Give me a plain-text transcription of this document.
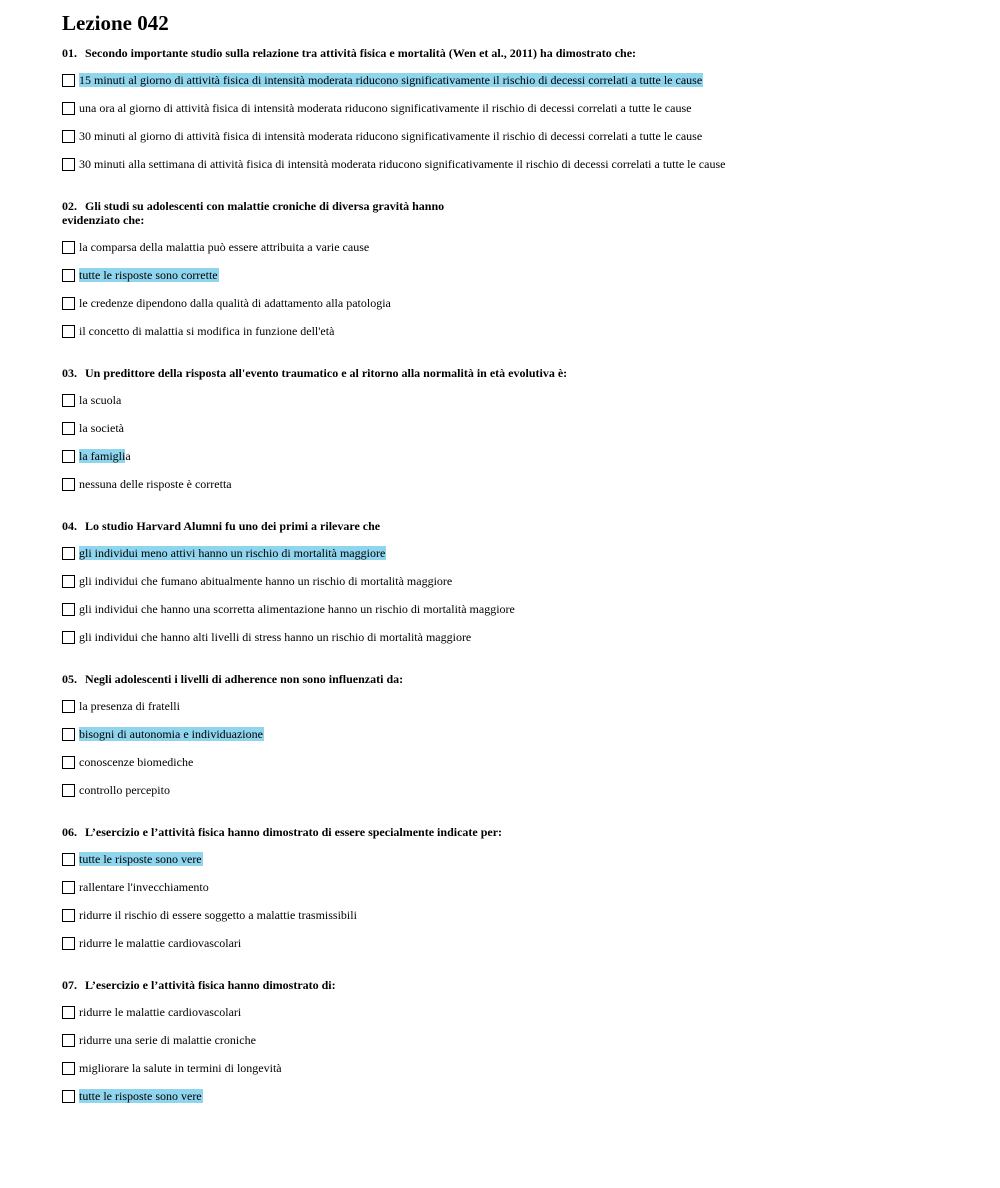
Lezione 042

01. Secondo importante studio sulla relazione tra attività fisica e mortalità (Wen et al., 2011) ha dimostrato che:

15 minuti al giorno di attività fisica di intensità moderata riducono significativamente il rischio di decessi correlati a tutte le cause
una ora al giorno di attività fisica di intensità moderata riducono significativamente il rischio di decessi correlati a tutte le cause
30 minuti al giorno di attività fisica di intensità moderata riducono significativamente il rischio di decessi correlati a tutte le cause
30 minuti alla settimana di attività fisica di intensità moderata riducono significativamente il rischio di decessi correlati a tutte le cause

02. Gli studi su adolescenti con malattie croniche di diversa gravità hanno
evidenziato che:

la comparsa della malattia può essere attribuita a varie cause
tutte le risposte sono corrette
le credenze dipendono dalla qualità di adattamento alla patologia
il concetto di malattia si modifica in funzione dell'età

03. Un predittore della risposta all'evento traumatico e al ritorno alla normalità in età evolutiva è:

la scuola
la società
la famiglia
nessuna delle risposte è corretta

04. Lo studio Harvard Alumni fu uno dei primi a rilevare che

gli individui meno attivi hanno un rischio di mortalità maggiore
gli individui che fumano abitualmente hanno un rischio di mortalità maggiore
gli individui che hanno una scorretta alimentazione hanno un rischio di mortalità maggiore
gli individui che hanno alti livelli di stress hanno un rischio di mortalità maggiore

05. Negli adolescenti i livelli di adherence non sono influenzati da:

la presenza di fratelli
bisogni di autonomia e individuazione
conoscenze biomediche
controllo percepito

06. L’esercizio e l’attività fisica hanno dimostrato di essere specialmente indicate per:

tutte le risposte sono vere
rallentare l'invecchiamento
ridurre il rischio di essere soggetto a malattie trasmissibili
ridurre le malattie cardiovascolari

07. L’esercizio e l’attività fisica hanno dimostrato di:

ridurre le malattie cardiovascolari
ridurre una serie di malattie croniche
migliorare la salute in termini di longevità
tutte le risposte sono vere
